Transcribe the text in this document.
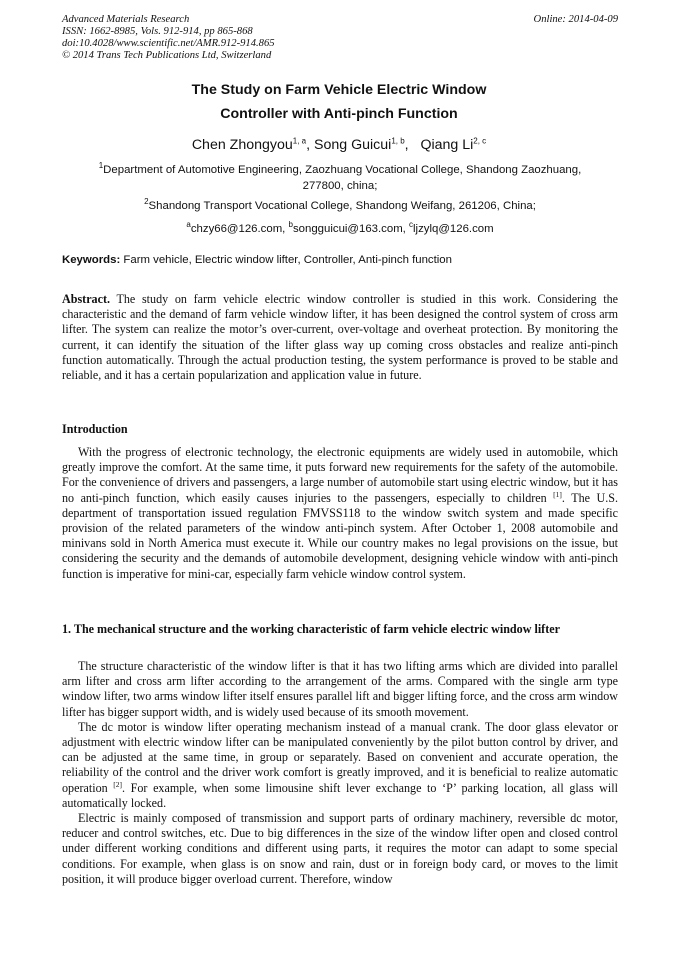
Advanced Materials Research
ISSN: 1662-8985, Vols. 912-914, pp 865-868
doi:10.4028/www.scientific.net/AMR.912-914.865
© 2014 Trans Tech Publications Ltd, Switzerland
Online: 2014-04-09
The Study on Farm Vehicle Electric Window
Controller with Anti-pinch Function
Chen Zhongyou$^{1, a}$, Song Guicui$^{1, b}$,   Qiang Li$^{2, c}$
$^1$Department of Automotive Engineering, Zaozhuang Vocational College, Shandong Zaozhuang,
277800, china;
$^2$Shandong Transport Vocational College, Shandong Weifang, 261206, China;
$^a$chzy66@126.com, $^b$songguicui@163.com, $^c$ljzylq@126.com
Keywords: Farm vehicle, Electric window lifter, Controller, Anti-pinch function

Abstract. The study on farm vehicle electric window controller is studied in this work. Considering the characteristic and the demand of farm vehicle window lifter, it has been designed the control system of cross arm lifter. The system can realize the motor’s over-current, over-voltage and overheat protection. By monitoring the current, it can identify the situation of the lifter glass way up coming cross obstacles and realize anti-pinch function automatically. Through the actual production testing, the system performance is proved to be stable and reliable, and it has a certain popularization and application value in future.

Introduction

With the progress of electronic technology, the electronic equipments are widely used in automobile, which greatly improve the comfort. At the same time, it puts forward new requirements for the safety of the automobile. For the convenience of drivers and passengers, a large number of automobile start using electric window, but it has no anti-pinch function, which easily causes injuries to the passengers, especially to children [1]. The U.S. department of transportation issued regulation FMVSS118 to the window switch system and made specific provision of the related parameters of the window anti-pinch system. After October 1, 2008 automobile and minivans sold in North America must execute it. While our country makes no legal provisions on the issue, but considering the security and the demands of automobile development, designing vehicle window with anti-pinch function is imperative for mini-car, especially farm vehicle window control system.

1. The mechanical structure and the working characteristic of farm vehicle electric window lifter

The structure characteristic of the window lifter is that it has two lifting arms which are divided into parallel arm lifter and cross arm lifter according to the arrangement of the arms. Compared with the single arm type window lifter, two arms window lifter itself ensures parallel lift and bigger lifting force, and the cross arm window lifter has bigger support width, and is widely used because of its smooth movement.

The dc motor is window lifter operating mechanism instead of a manual crank. The door glass elevator or adjustment with electric window lifter can be manipulated conveniently by the pilot button control by driver, and can be adjusted at the same time, in group or separately. Based on convenient and accurate operation, the reliability of the control and the driver work comfort is greatly improved, and it is beneficial to realize automatic operation [2]. For example, when some limousine shift lever exchange to ‘P’ parking location, all glass will automatically locked.

Electric is mainly composed of transmission and support parts of ordinary machinery, reversible dc motor, reducer and control switches, etc. Due to big differences in the size of the window lifter open and closed control under different working conditions and different using parts, it requires the motor can adapt to some special conditions. For example, when glass is on snow and rain, dust or in foreign body card, or moves to the limit position, it will produce bigger overload current. Therefore, window
